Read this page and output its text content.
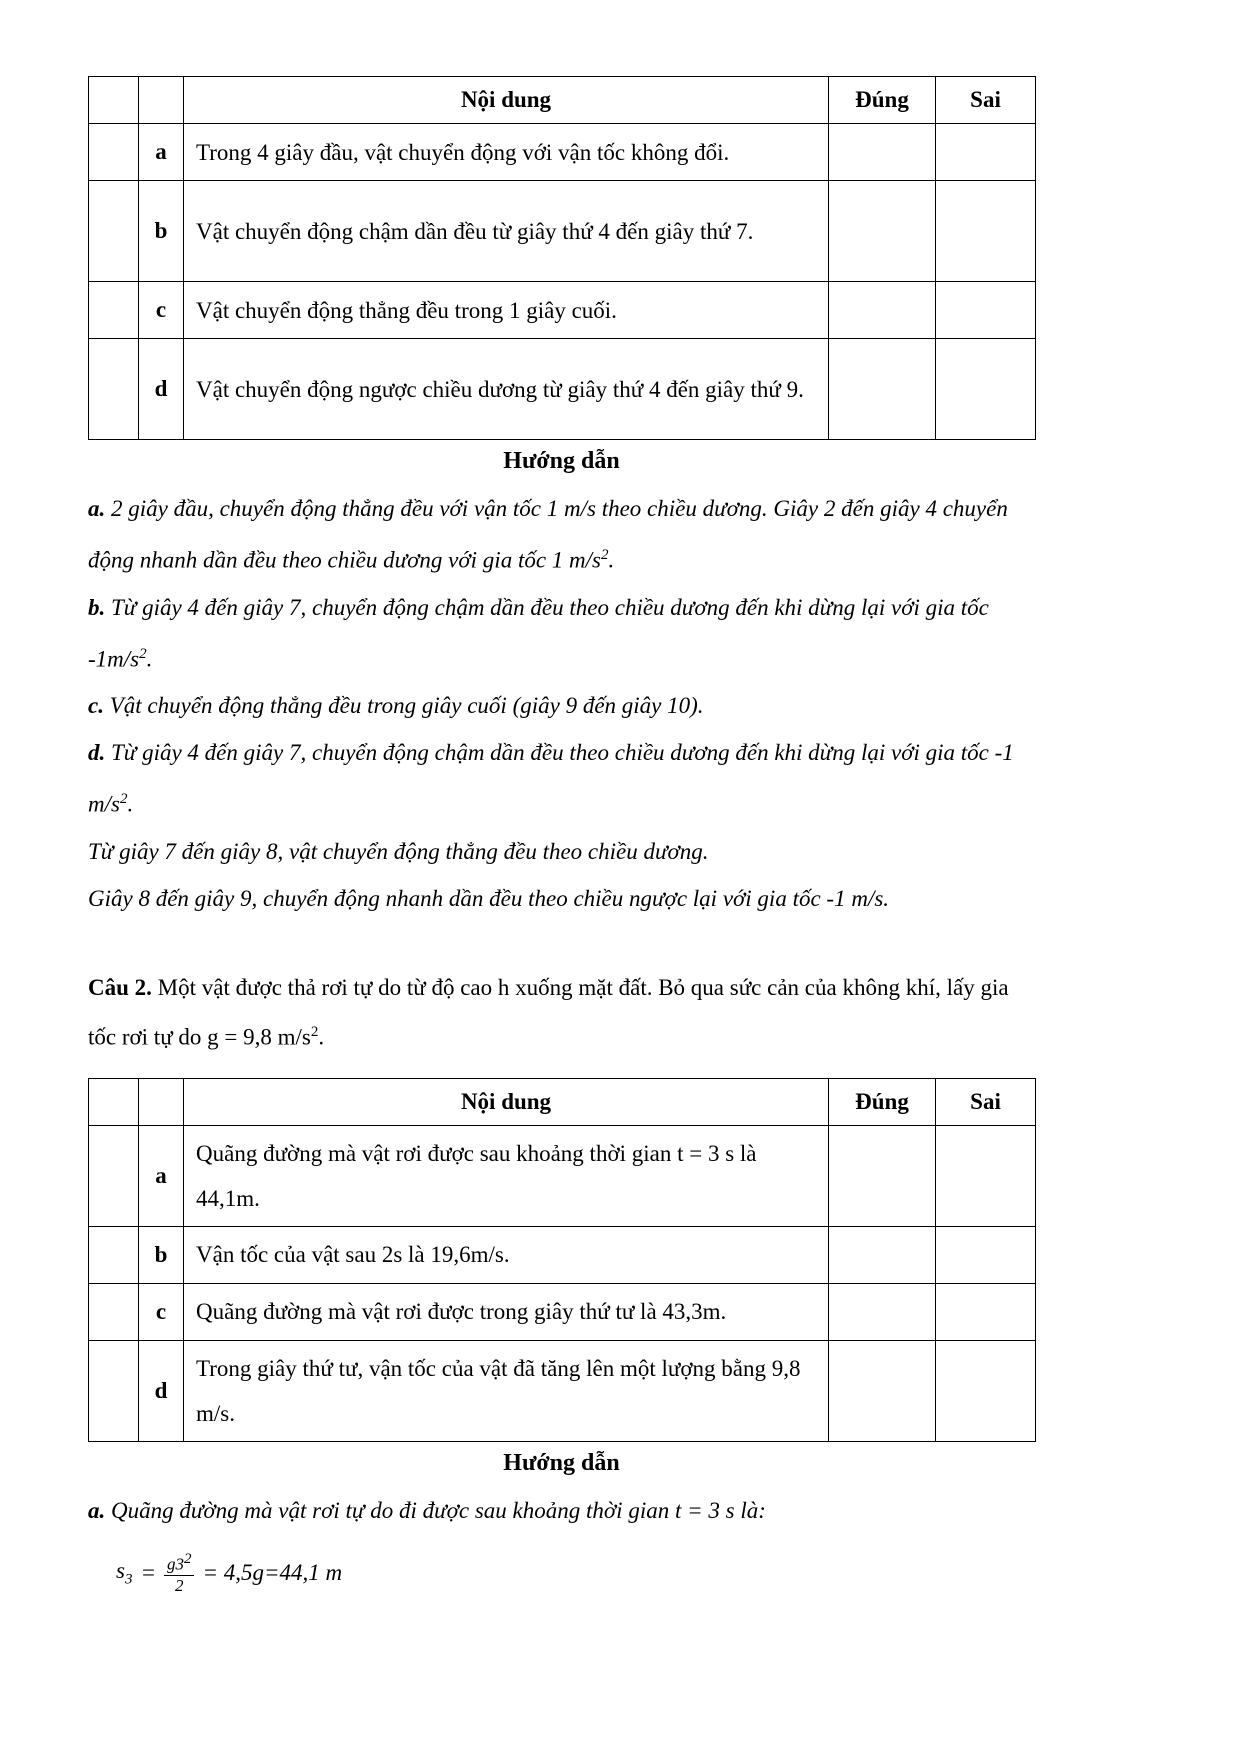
		Nội dung	Đúng	Sai
	a	Trong 4 giây đầu, vật chuyển động với vận tốc không đổi.		
	b	Vật chuyển động chậm dần đều từ giây thứ 4 đến giây thứ 7.		
	c	Vật chuyển động thẳng đều trong 1 giây cuối.		
	d	Vật chuyển động ngược chiều dương từ giây thứ 4 đến giây thứ 9.		
Hướng dẫn

a. 2 giây đầu, chuyển động thẳng đều với vận tốc 1 m/s theo chiều dương. Giây 2 đến giây 4 chuyển động nhanh dần đều theo chiều dương với gia tốc 1 $m/s^2$.

b. Từ giây 4 đến giây 7, chuyển động chậm dần đều theo chiều dương đến khi dừng lại với gia tốc $-1m/s^2$.

c. Vật chuyển động thẳng đều trong giây cuối (giây 9 đến giây 10).

d. Từ giây 4 đến giây 7, chuyển động chậm dần đều theo chiều dương đến khi dừng lại với gia tốc -1 $m/s^2$.

Từ giây 7 đến giây 8, vật chuyển động thẳng đều theo chiều dương.

Giây 8 đến giây 9, chuyển động nhanh dần đều theo chiều ngược lại với gia tốc -1 m/s.

Câu 2. Một vật được thả rơi tự do từ độ cao h xuống mặt đất. Bỏ qua sức cản của không khí, lấy gia tốc rơi tự do g = 9,8 $m/s^2$.

		Nội dung	Đúng	Sai
	a	Quãng đường mà vật rơi được sau khoảng thời gian t = 3 s là 44,1m.		
	b	Vận tốc của vật sau 2s là 19,6m/s.		
	c	Quãng đường mà vật rơi được trong giây thứ tư là 43,3m.		
	d	Trong giây thứ tư, vận tốc của vật đã tăng lên một lượng bằng 9,8 m/s.		
Hướng dẫn

a. Quãng đường mà vật rơi tự do đi được sau khoảng thời gian t = 3 s là:

$s_3 = \frac{g3^2}{2} = 4,5g=44,1$ m
